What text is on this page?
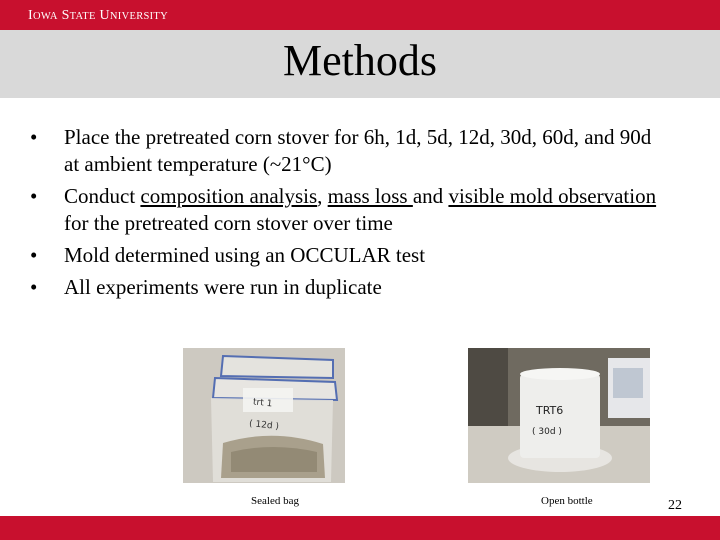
IOWA STATE UNIVERSITY
Methods
• Place the pretreated corn stover for 6h, 1d, 5d, 12d, 30d, 60d, and 90d at ambient temperature (~21°C)
• Conduct composition analysis, mass loss and visible mold observation for the pretreated corn stover over time
• Mold determined using an OCCULAR test
• All experiments were run in duplicate
trt 1
( 12d )
TRT6
( 30d )
Sealed bag	Open bottle	22
